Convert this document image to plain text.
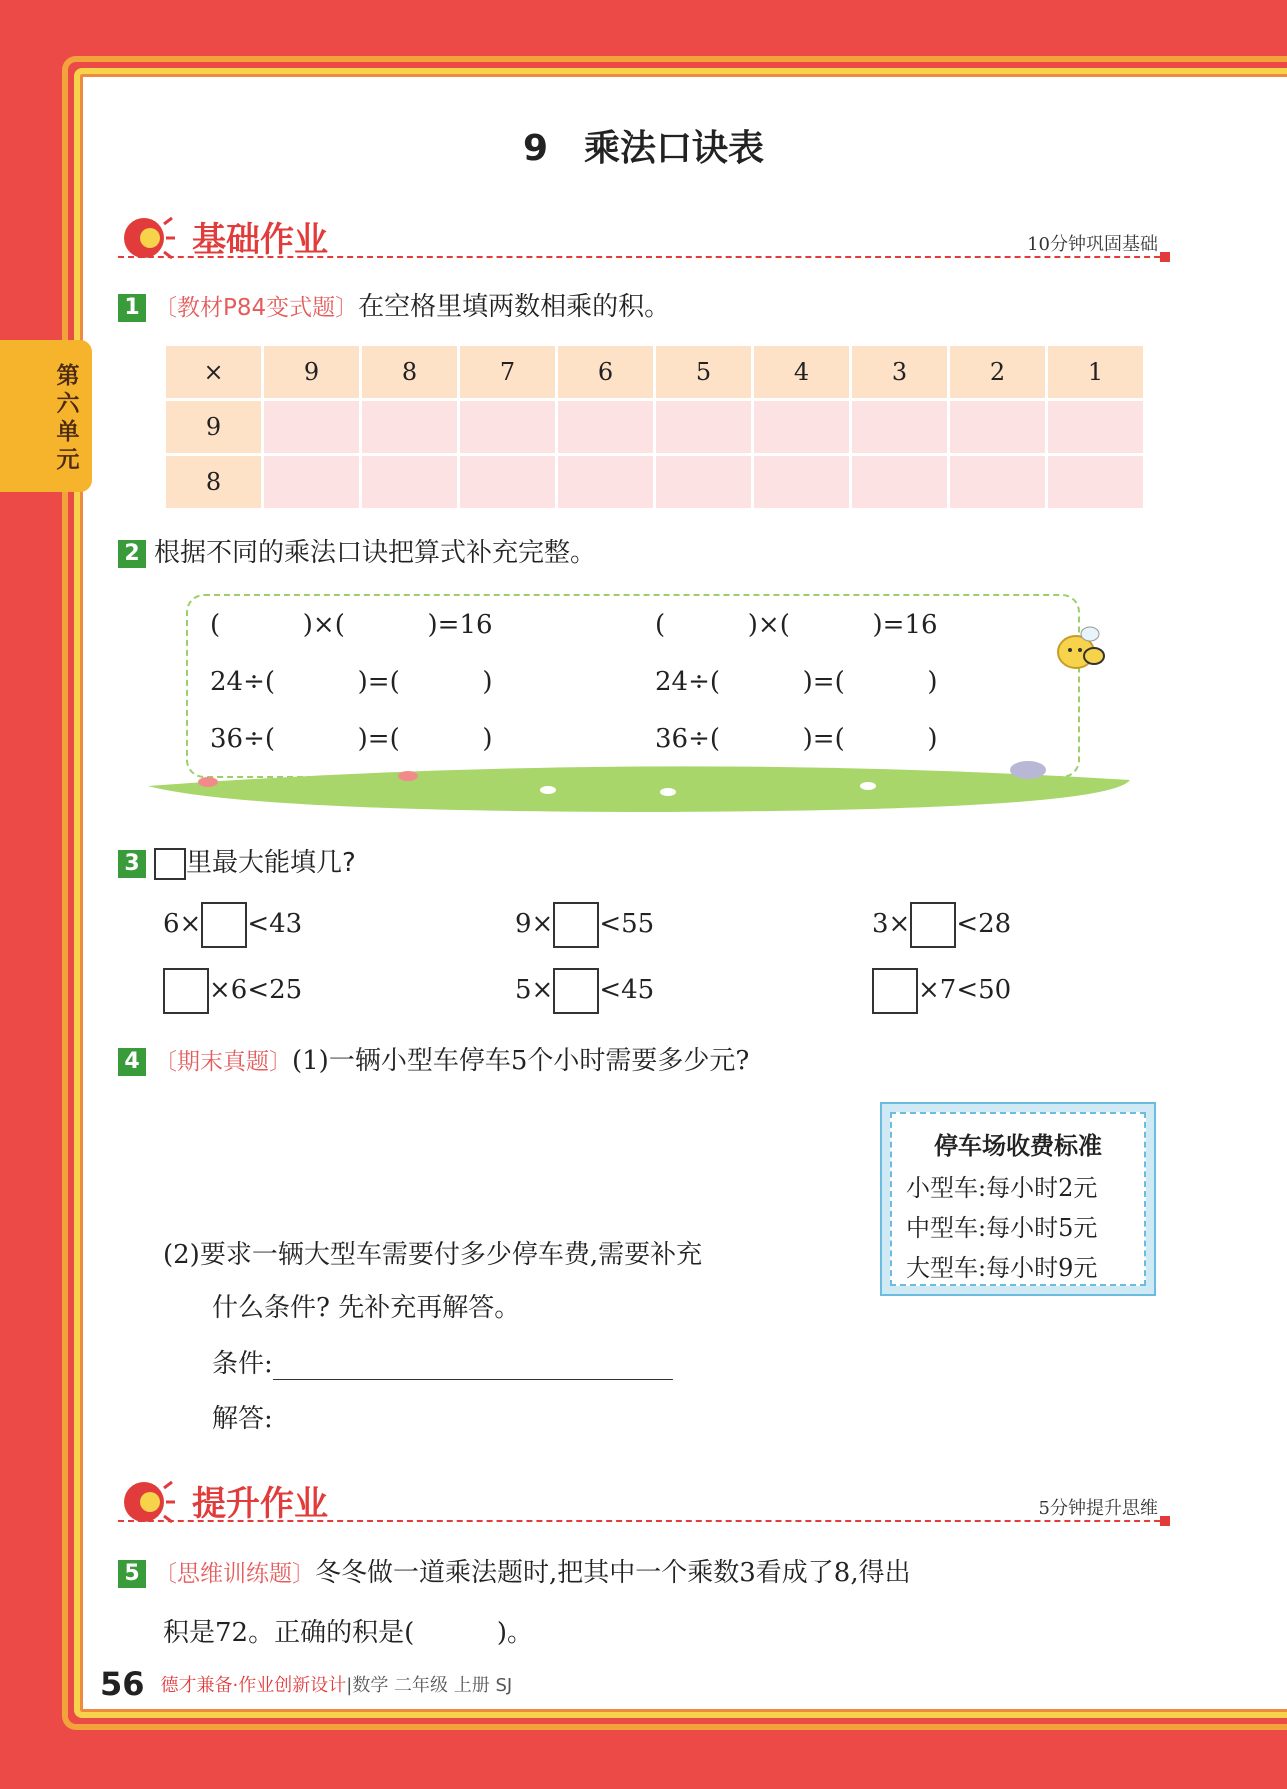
第六单元
9　乘法口诀表
基础作业	10分钟巩固基础
1 〔教材P84变式题〕在空格里填两数相乘的积。
×	9	8	7	6	5	4	3	2	1
9									
8									
2 根据不同的乘法口诀把算式补充完整。
(          )×(          )=16
24÷(          )=(          )
36÷(          )=(          )
(          )×(          )=16
24÷(          )=(          )
36÷(          )=(          )
3 里最大能填几?
6× <43	9× <55	3× <28
×6<25	5× <45	×7<50
4 〔期末真题〕(1)一辆小型车停车5个小时需要多少元?
停车场收费标准
小型车:每小时2元
中型车:每小时5元
大型车:每小时9元
(2)要求一辆大型车需要付多少停车费,需要补充
什么条件? 先补充再解答。
条件:
解答:
提升作业	5分钟提升思维
5 〔思维训练题〕冬冬做一道乘法题时,把其中一个乘数3看成了8,得出
积是72。正确的积是(          )。
56 德才兼备·作业创新设计|数学 二年级 上册 SJ
